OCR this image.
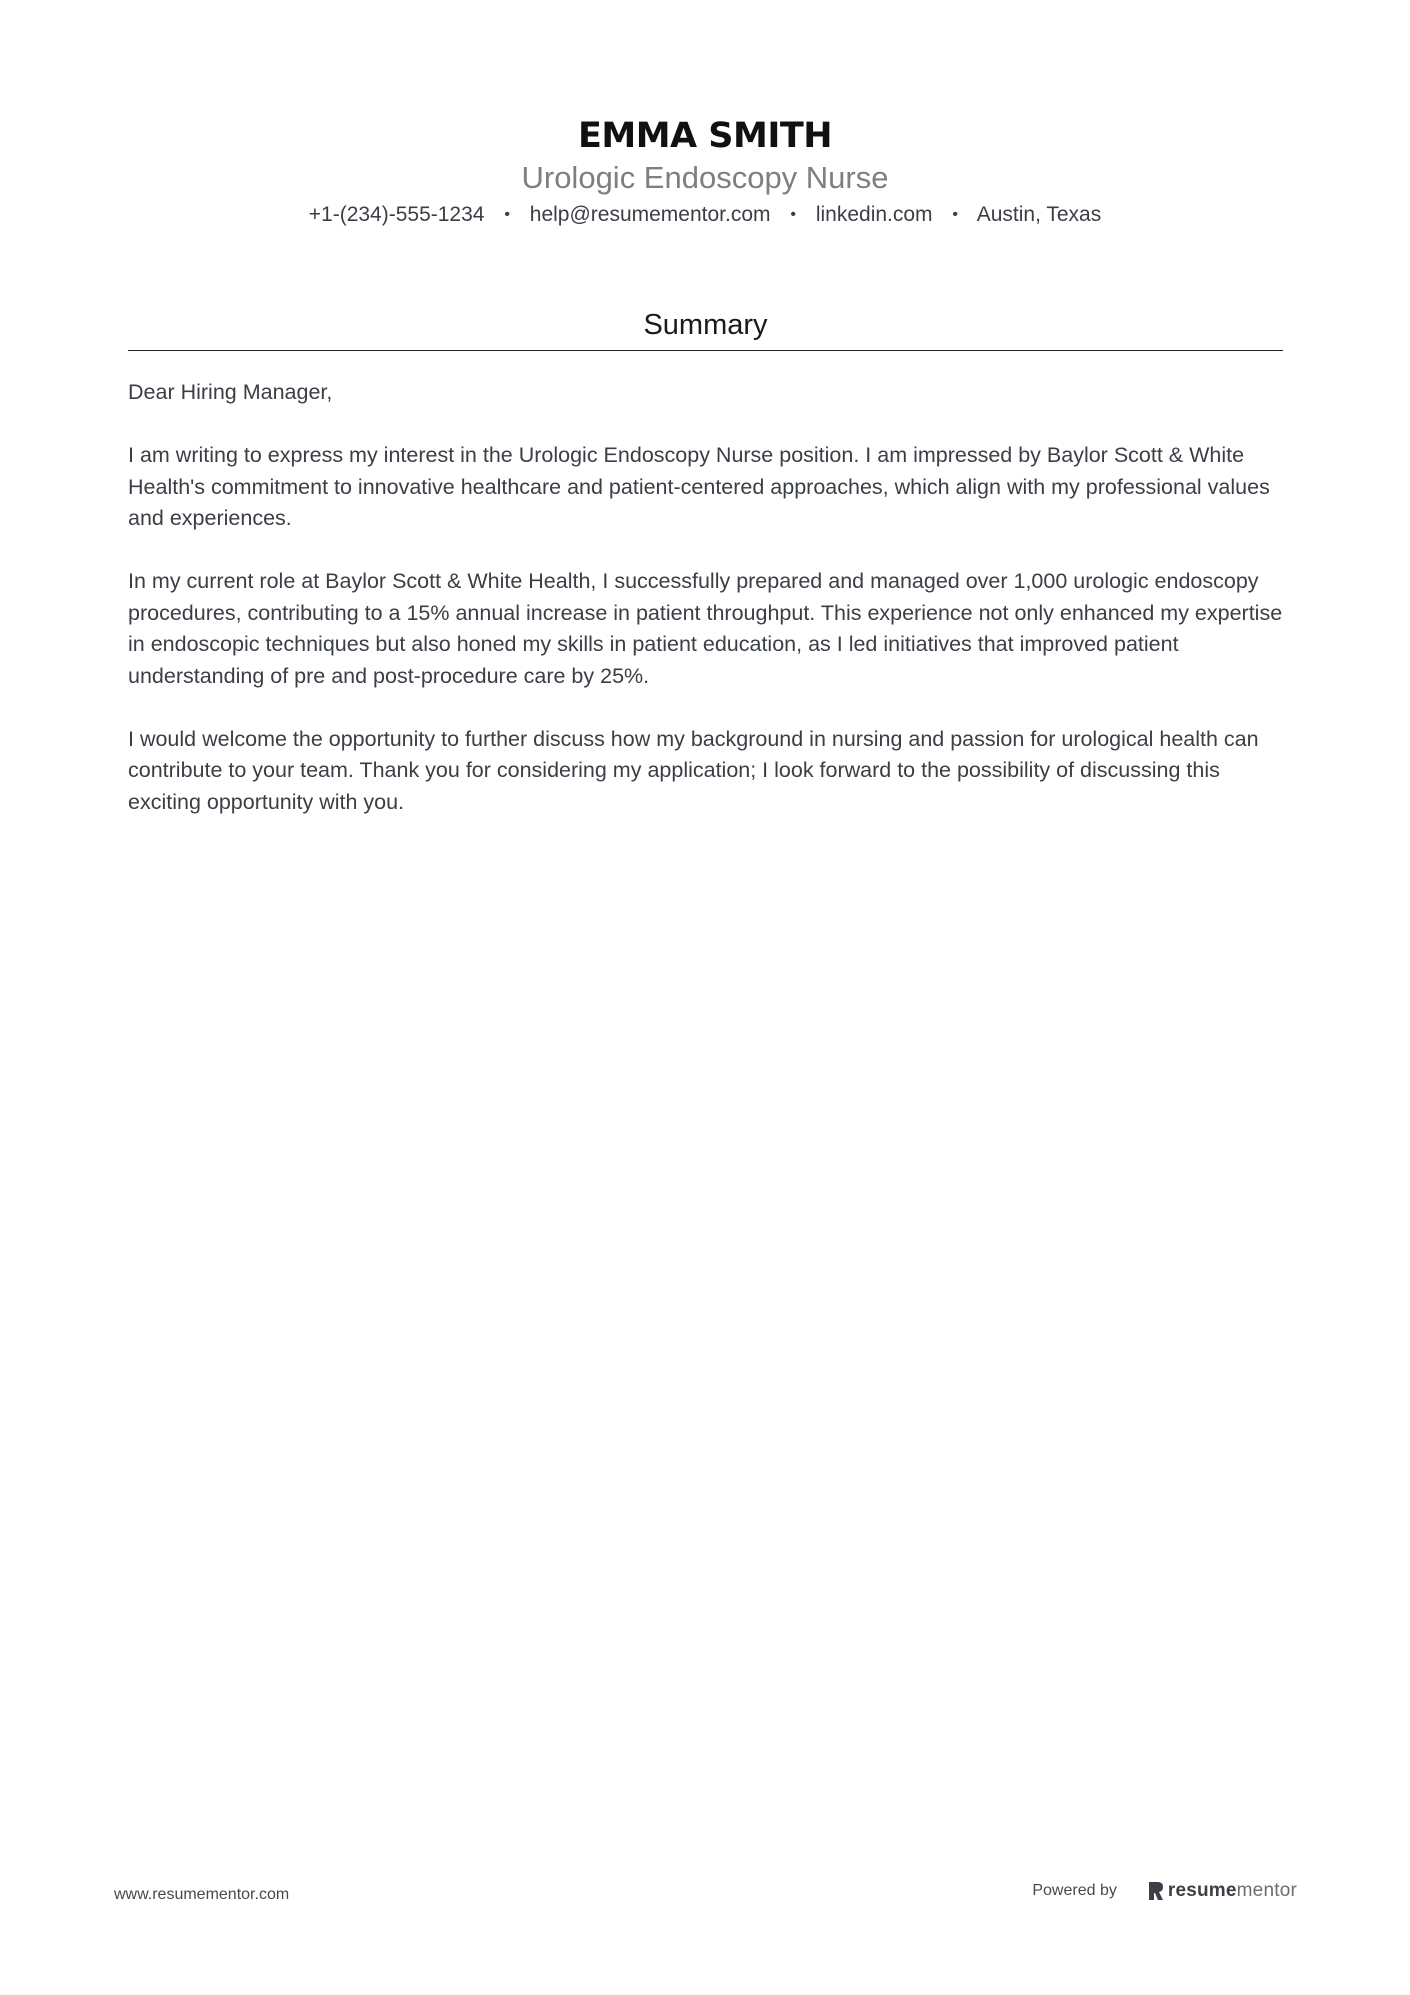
EMMA SMITH
Urologic Endoscopy Nurse
+1-(234)-555-1234 • help@resumementor.com • linkedin.com • Austin, Texas
Summary

Dear Hiring Manager,

I am writing to express my interest in the Urologic Endoscopy Nurse position. I am impressed by Baylor Scott & White Health's commitment to innovative healthcare and patient-centered approaches, which align with my professional values and experiences.

In my current role at Baylor Scott & White Health, I successfully prepared and managed over 1,000 urologic endoscopy procedures, contributing to a 15% annual increase in patient throughput. This experience not only enhanced my expertise in endoscopic techniques but also honed my skills in patient education, as I led initiatives that improved patient understanding of pre and post-procedure care by 25%.

I would welcome the opportunity to further discuss how my background in nursing and passion for urological health can contribute to your team. Thank you for considering my application; I look forward to the possibility of discussing this exciting opportunity with you.

www.resumementor.com	Powered by	resume mentor
